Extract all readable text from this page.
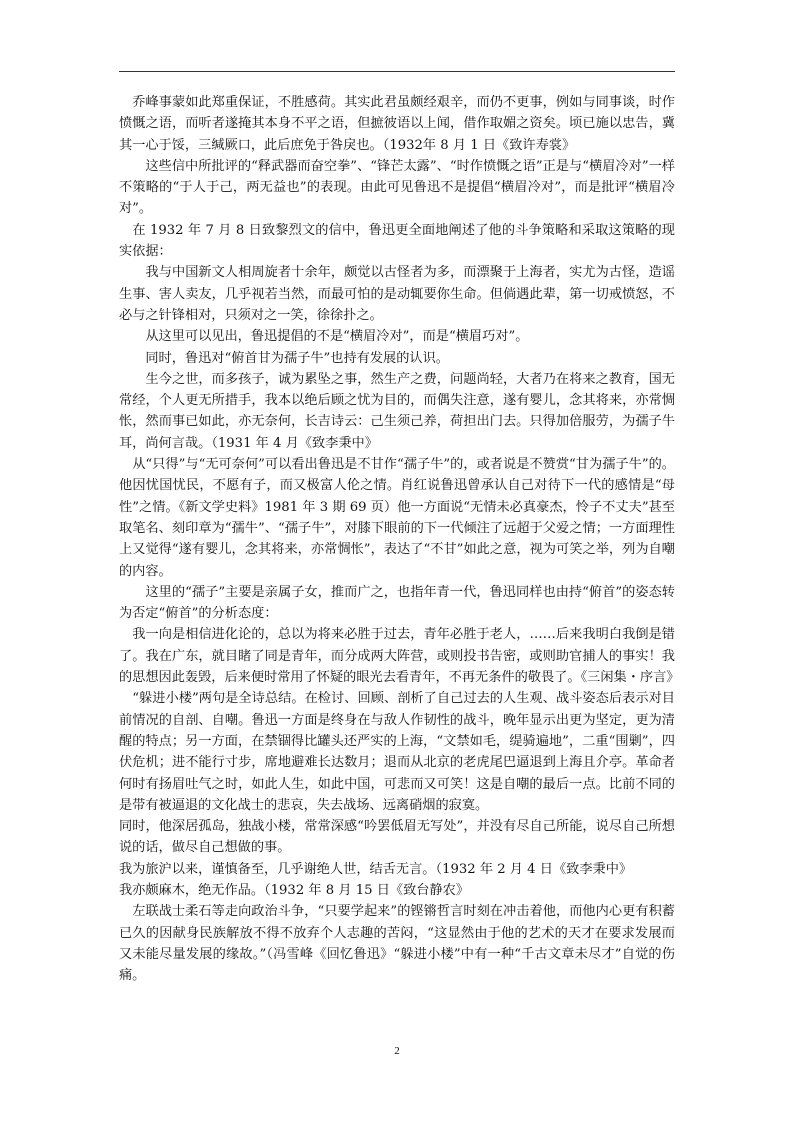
　乔峰事蒙如此郑重保证，不胜感荷。其实此君虽颇经艰辛，而仍不更事，例如与同事谈，时作愤慨之语，而听者遂掩其本身不平之语，但摭彼语以上闻，借作取媚之资矣。顷已施以忠告，冀其一心于馁，三缄厥口，此后庶免于咎戾也。（1932年 8 月 1 日《致许寿裳》

　　这些信中所批评的“释武器而奋空拳”、“锋芒太露”、“时作愤慨之语”正是与“横眉冷对”一样不策略的“于人于己，两无益也”的表现。由此可见鲁迅不是提倡“横眉冷对”，而是批评“横眉冷对”。

　在 1932 年 7 月 8 日致黎烈文的信中，鲁迅更全面地阐述了他的斗争策略和采取这策略的现实依据：

　　我与中国新文人相周旋者十余年，颇觉以古怪者为多，而漂聚于上海者，实尤为古怪，造谣生事、害人卖友，几乎视若当然，而最可怕的是动辄要你生命。但倘遇此辈，第一切戒愤怒，不必与之针锋相对，只须对之一笑，徐徐扑之。

　　从这里可以见出，鲁迅提倡的不是“横眉冷对”，而是“横眉巧对”。

　　同时，鲁迅对“俯首甘为孺子牛”也持有发展的认识。

　　生今之世，而多孩子，诚为累坠之事，然生产之费，问题尚轻，大者乃在将来之教育，国无常经，个人更无所措手，我本以绝后顾之忧为目的，而偶失注意，遂有婴儿，念其将来，亦常惆怅，然而事已如此，亦无奈何，长吉诗云：己生须己养，荷担出门去。只得加倍服劳，为孺子牛耳，尚何言哉。（1931 年 4 月《致李秉中》

　从“只得”与“无可奈何”可以看出鲁迅是不甘作“孺子牛”的，或者说是不赞赏“甘为孺子牛”的。他因忧国忧民，不愿有子，而又极富人伦之情。肖红说鲁迅曾承认自己对待下一代的感情是“母性”之情。《新文学史料》1981 年 3 期 69 页）他一方面说“无情未必真豪杰，怜子不丈夫”甚至取笔名、刻印章为“孺牛”、“孺子牛”，对膝下眼前的下一代倾注了远超于父爱之情；一方面理性上又觉得“遂有婴儿，念其将来，亦常惆怅”，表达了“不甘”如此之意，视为可笑之举，列为自嘲的内容。

　　这里的“孺子”主要是亲属子女，推而广之，也指年青一代，鲁迅同样也由持“俯首”的姿态转为否定“俯首”的分析态度：

　我一向是相信进化论的，总以为将来必胜于过去，青年必胜于老人，……后来我明白我倒是错了。我在广东，就目睹了同是青年，而分成两大阵营，或则投书告密，或则助官捕人的事实！我的思想因此轰毁，后来便时常用了怀疑的眼光去看青年，不再无条件的敬畏了。《三闲集・序言》

　“躲进小楼”两句是全诗总结。在检讨、回顾、剖析了自己过去的人生观、战斗姿态后表示对目前情况的自剖、自嘲。鲁迅一方面是终身在与敌人作韧性的战斗，晚年显示出更为坚定，更为清醒的特点；另一方面，在禁锢得比罐头还严实的上海，“文禁如毛，缇骑遍地”，二重“围剿”，四伏危机；进不能行寸步，席地避难长达数月；退而从北京的老虎尾巴逼退到上海且介亭。革命者何时有扬眉吐气之时，如此人生，如此中国，可悲而又可笑！这是自嘲的最后一点。比前不同的是带有被逼退的文化战士的悲哀，失去战场、远离硝烟的寂寞。

同时，他深居孤岛，独战小楼，常常深感“吟罢低眉无写处”，并没有尽自己所能，说尽自己所想说的话，做尽自己想做的事。

我为旅沪以来，谨慎备至，几乎谢绝人世，结舌无言。（1932 年 2 月 4 日《致李秉中》

我亦颇麻木，绝无作品。（1932 年 8 月 15 日《致台静农》

　左联战士柔石等走向政治斗争，“只要学起来”的铿锵哲言时刻在冲击着他，而他内心更有积蓄已久的因献身民族解放不得不放弃个人志趣的苦闷，“这显然由于他的艺术的天才在要求发展而又未能尽量发展的缘故。”（冯雪峰《回忆鲁迅》“躲进小楼”中有一种“千古文章未尽才”自觉的伤痛。

2
